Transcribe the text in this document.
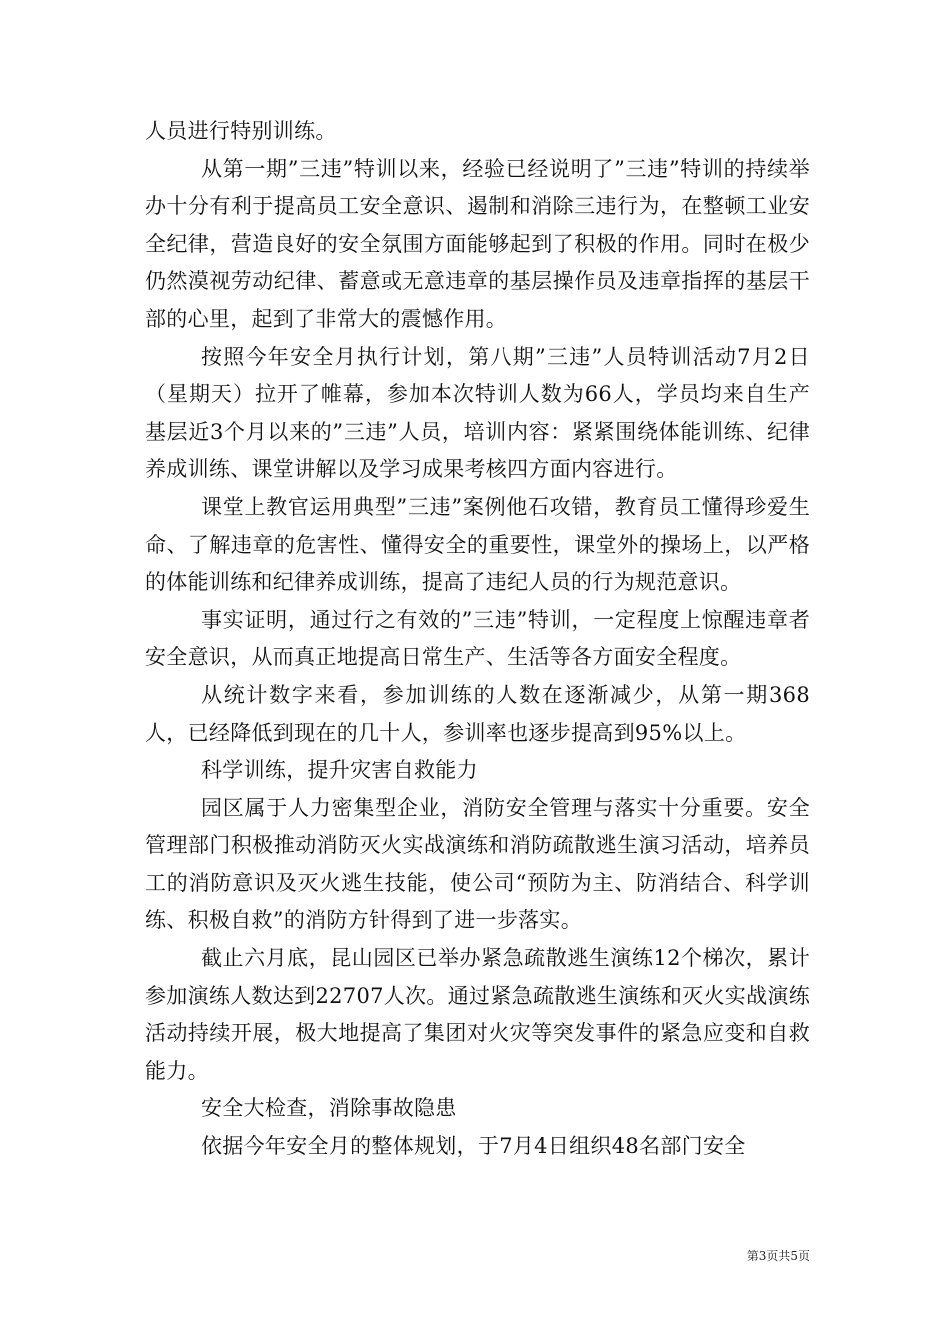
人员进行特别训练。

从第一期”三违”特训以来，经验已经说明了”三违”特训的持续举办十分有利于提高员工安全意识、遏制和消除三违行为，在整顿工业安全纪律，营造良好的安全氛围方面能够起到了积极的作用。同时在极少仍然漠视劳动纪律、蓄意或无意违章的基层操作员及违章指挥的基层干部的心里，起到了非常大的震憾作用。

按照今年安全月执行计划，第八期”三违”人员特训活动7月2日（星期天）拉开了帷幕，参加本次特训人数为66人，学员均来自生产基层近3个月以来的”三违”人员，培训内容：紧紧围绕体能训练、纪律养成训练、课堂讲解以及学习成果考核四方面内容进行。

课堂上教官运用典型”三违”案例他石攻错，教育员工懂得珍爱生命、了解违章的危害性、懂得安全的重要性，课堂外的操场上，以严格的体能训练和纪律养成训练，提高了违纪人员的行为规范意识。

事实证明，通过行之有效的”三违”特训，一定程度上惊醒违章者安全意识，从而真正地提高日常生产、生活等各方面安全程度。

从统计数字来看，参加训练的人数在逐渐减少，从第一期368人，已经降低到现在的几十人，参训率也逐步提高到95%以上。

科学训练，提升灾害自救能力

园区属于人力密集型企业，消防安全管理与落实十分重要。安全管理部门积极推动消防灭火实战演练和消防疏散逃生演习活动，培养员工的消防意识及灭火逃生技能，使公司“预防为主、防消结合、科学训练、积极自救”的消防方针得到了进一步落实。

截止六月底，昆山园区已举办紧急疏散逃生演练12个梯次，累计参加演练人数达到22707人次。通过紧急疏散逃生演练和灭火实战演练活动持续开展，极大地提高了集团对火灾等突发事件的紧急应变和自救能力。

安全大检查，消除事故隐患

依据今年安全月的整体规划，于7月4日组织48名部门安全

第3页共5页
